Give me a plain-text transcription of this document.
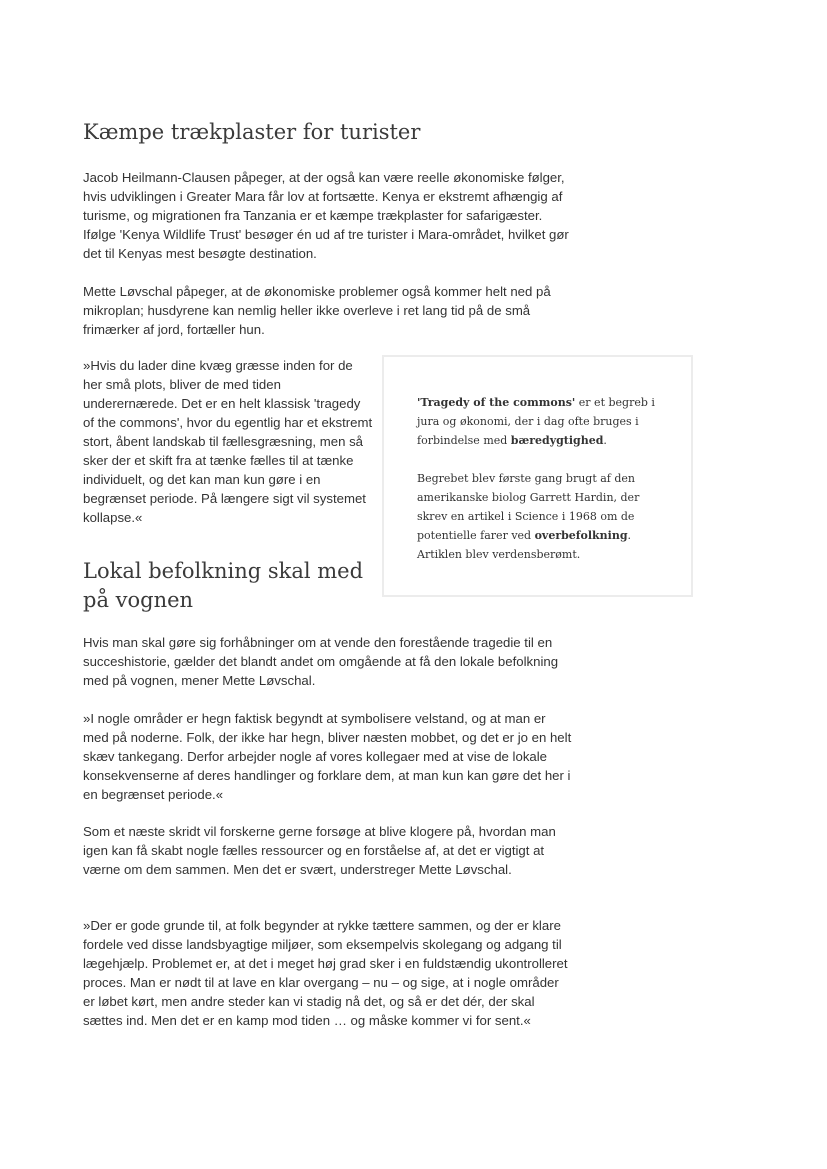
Kæmpe trækplaster for turister

Jacob Heilmann-Clausen påpeger, at der også kan være reelle økonomiske følger, hvis udviklingen i Greater Mara får lov at fortsætte. Kenya er ekstremt afhængig af turisme, og migrationen fra Tanzania er et kæmpe trækplaster for safarigæster. Ifølge 'Kenya Wildlife Trust' besøger én ud af tre turister i Mara-området, hvilket gør det til Kenyas mest besøgte destination.

Mette Løvschal påpeger, at de økonomiske problemer også kommer helt ned på mikroplan; husdyrene kan nemlig heller ikke overleve i ret lang tid på de små frimærker af jord, fortæller hun.

»Hvis du lader dine kvæg græsse inden for de her små plots, bliver de med tiden underernærede. Det er en helt klassisk 'tragedy of the commons', hvor du egentlig har et ekstremt stort, åbent landskab til fællesgræsning, men så sker der et skift fra at tænke fælles til at tænke individuelt, og det kan man kun gøre i en begrænset periode. På længere sigt vil systemet kollapse.«

'Tragedy of the commons' er et begreb i jura og økonomi, der i dag ofte bruges i forbindelse med bæredygtighed.
Begrebet blev første gang brugt af den amerikanske biolog Garrett Hardin, der skrev en artikel i Science i 1968 om de potentielle farer ved overbefolkning. Artiklen blev verdensberømt.
Lokal befolkning skal med på vognen

Hvis man skal gøre sig forhåbninger om at vende den forestående tragedie til en succeshistorie, gælder det blandt andet om omgående at få den lokale befolkning med på vognen, mener Mette Løvschal.

»I nogle områder er hegn faktisk begyndt at symbolisere velstand, og at man er med på noderne. Folk, der ikke har hegn, bliver næsten mobbet, og det er jo en helt skæv tankegang. Derfor arbejder nogle af vores kollegaer med at vise de lokale konsekvenserne af deres handlinger og forklare dem, at man kun kan gøre det her i en begrænset periode.«

Som et næste skridt vil forskerne gerne forsøge at blive klogere på, hvordan man igen kan få skabt nogle fælles ressourcer og en forståelse af, at det er vigtigt at værne om dem sammen. Men det er svært, understreger Mette Løvschal.

»Der er gode grunde til, at folk begynder at rykke tættere sammen, og der er klare fordele ved disse landsbyagtige miljøer, som eksempelvis skolegang og adgang til lægehjælp. Problemet er, at det i meget høj grad sker i en fuldstændig ukontrolleret proces. Man er nødt til at lave en klar overgang – nu – og sige, at i nogle områder er løbet kørt, men andre steder kan vi stadig nå det, og så er det dér, der skal sættes ind. Men det er en kamp mod tiden … og måske kommer vi for sent.«
